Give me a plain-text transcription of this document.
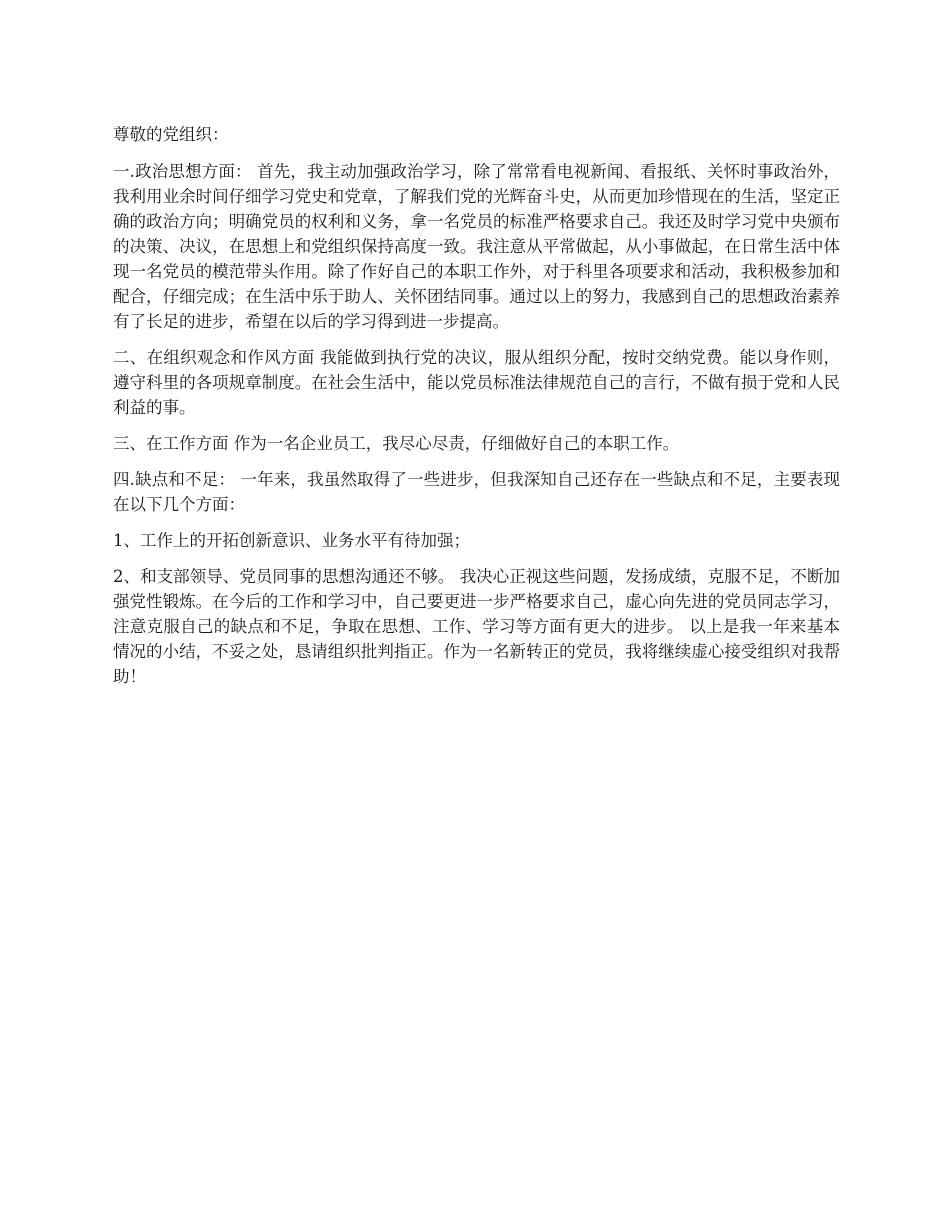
尊敬的党组织：

一.政治思想方面： 首先，我主动加强政治学习，除了常常看电视新闻、看报纸、关怀时事政治外，我利用业余时间仔细学习党史和党章，了解我们党的光辉奋斗史，从而更加珍惜现在的生活，坚定正确的政治方向；明确党员的权利和义务，拿一名党员的标准严格要求自己。我还及时学习党中央颁布的决策、决议，在思想上和党组织保持高度一致。我注意从平常做起，从小事做起，在日常生活中体现一名党员的模范带头作用。除了作好自己的本职工作外，对于科里各项要求和活动，我积极参加和配合，仔细完成；在生活中乐于助人、关怀团结同事。通过以上的努力，我感到自己的思想政治素养有了长足的进步，希望在以后的学习得到进一步提高。

二、在组织观念和作风方面 我能做到执行党的决议，服从组织分配，按时交纳党费。能以身作则，遵守科里的各项规章制度。在社会生活中，能以党员标准法律规范自己的言行，不做有损于党和人民利益的事。

三、在工作方面 作为一名企业员工，我尽心尽责，仔细做好自己的本职工作。

四.缺点和不足： 一年来，我虽然取得了一些进步，但我深知自己还存在一些缺点和不足，主要表现在以下几个方面：

1、工作上的开拓创新意识、业务水平有待加强；

2、和支部领导、党员同事的思想沟通还不够。 我决心正视这些问题，发扬成绩，克服不足，不断加强党性锻炼。在今后的工作和学习中，自己要更进一步严格要求自己，虚心向先进的党员同志学习，注意克服自己的缺点和不足，争取在思想、工作、学习等方面有更大的进步。 以上是我一年来基本情况的小结，不妥之处，恳请组织批判指正。作为一名新转正的党员，我将继续虚心接受组织对我帮助！
